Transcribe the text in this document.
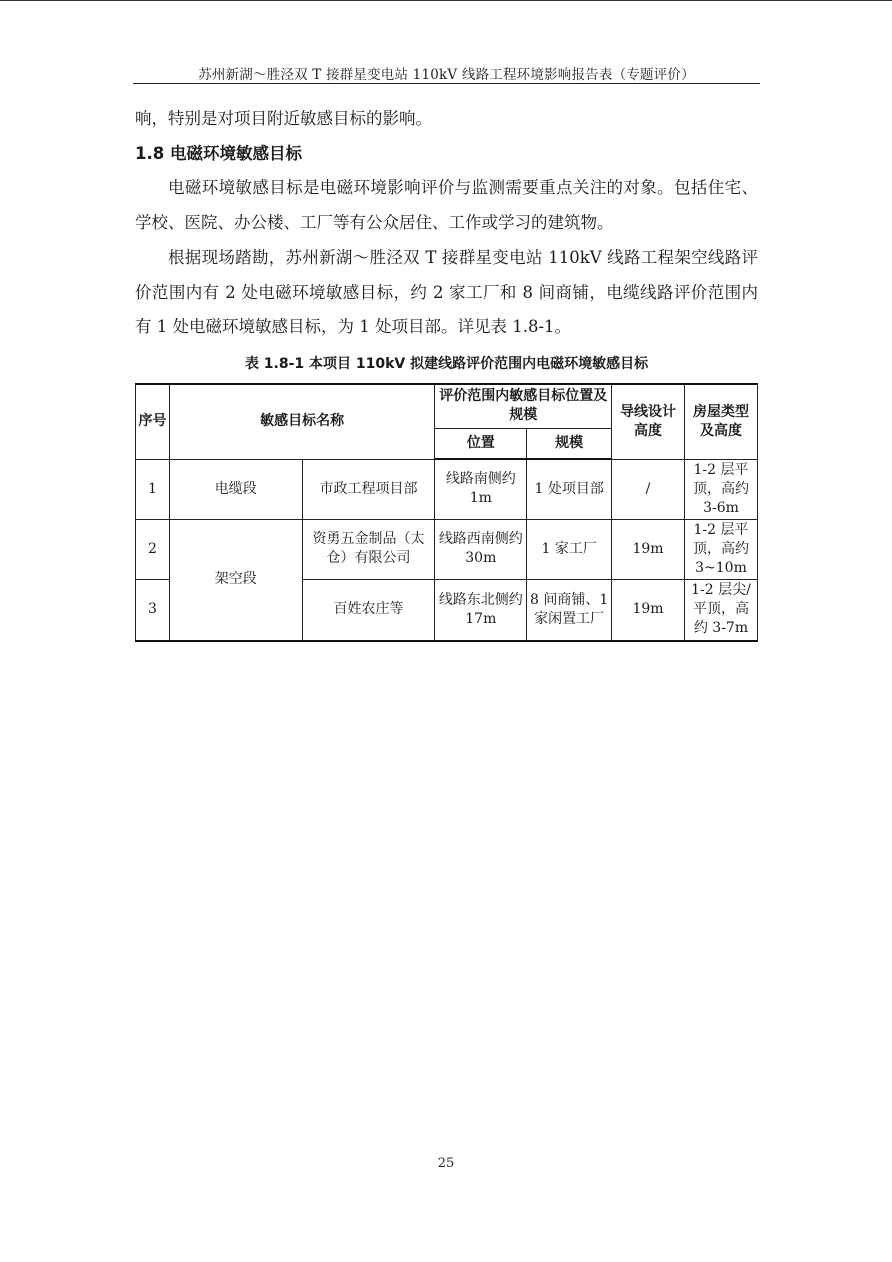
苏州新湖～胜泾双 T 接群星变电站 110kV 线路工程环境影响报告表（专题评价）

响，特别是对项目附近敏感目标的影响。

1.8 电磁环境敏感目标

电磁环境敏感目标是电磁环境影响评价与监测需要重点关注的对象。包括住宅、学校、医院、办公楼、工厂等有公众居住、工作或学习的建筑物。

根据现场踏勘，苏州新湖～胜泾双 T 接群星变电站 110kV 线路工程架空线路评价范围内有 2 处电磁环境敏感目标，约 2 家工厂和 8 间商铺，电缆线路评价范围内有 1 处电磁环境敏感目标，为 1 处项目部。详见表 1.8-1。

表 1.8-1 本项目 110kV 拟建线路评价范围内电磁环境敏感目标
序号	敏感目标名称		评价范围内敏感目标位置及规模		导线设计高度	房屋类型及高度
			位置	规模		
1	电缆段	市政工程项目部	线路南侧约 1m	1 处项目部	/	1-2 层平顶，高约 3-6m
2	架空段	资勇五金制品（太仓）有限公司	线路西南侧约 30m	1 家工厂	19m	1-2 层平顶，高约 3~10m
3		百姓农庄等	线路东北侧约 17m	8 间商铺、1 家闲置工厂	19m	1-2 层尖/平顶，高约 3-7m
25
